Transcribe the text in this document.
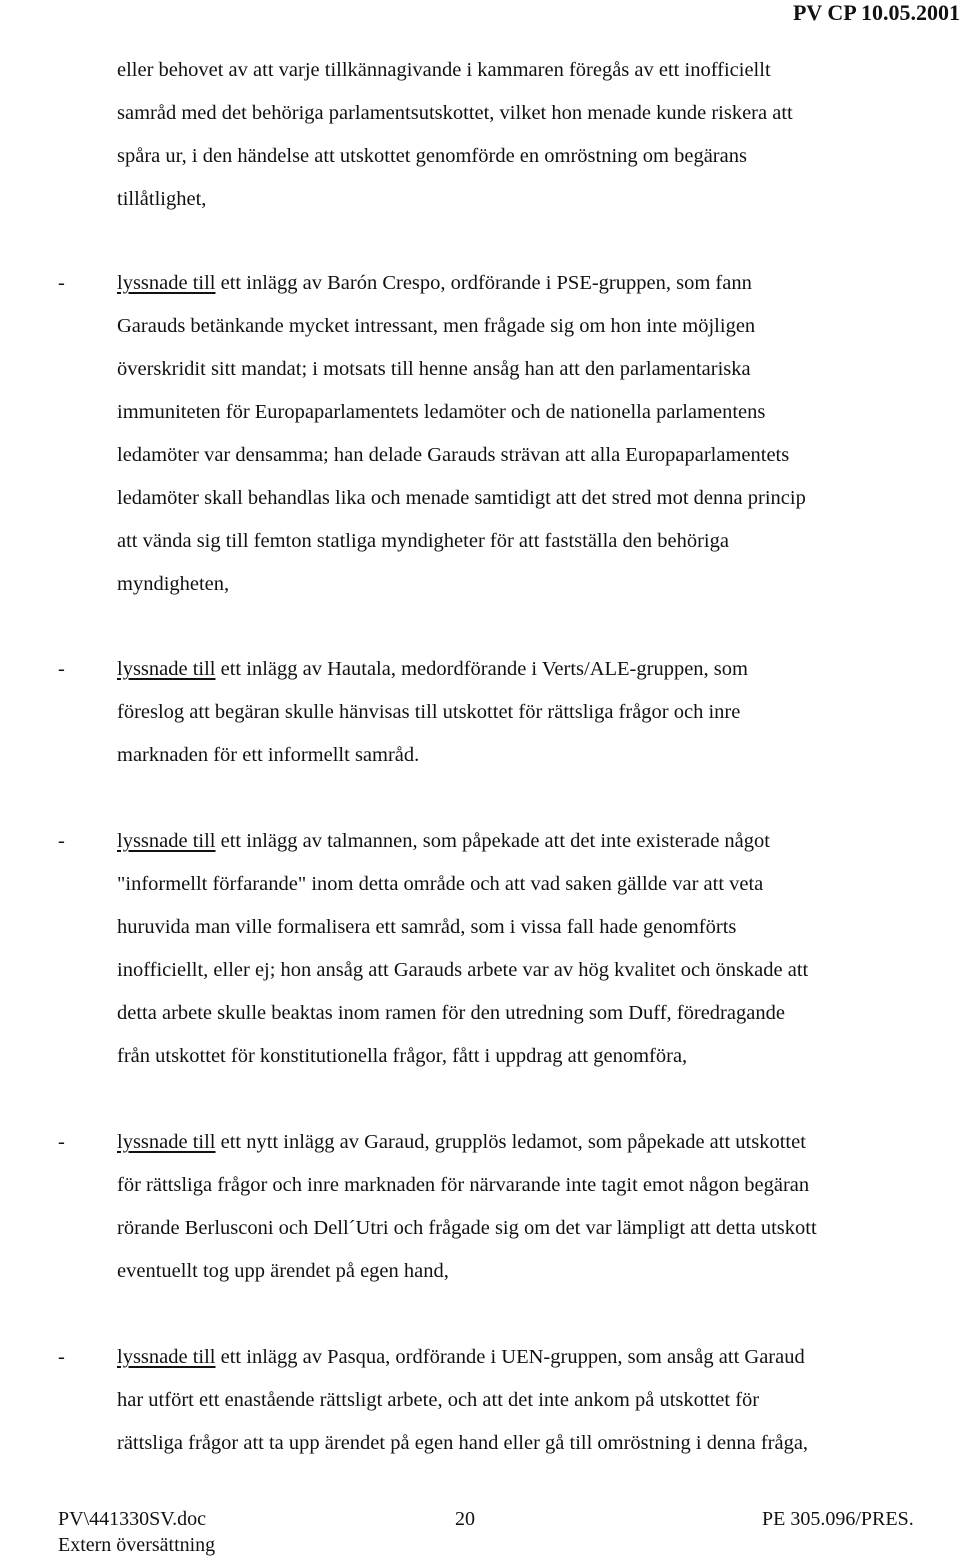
PV CP 10.05.2001
eller behovet av att varje tillkännagivande i kammaren föregås av ett inofficiellt
samråd med det behöriga parlamentsutskottet, vilket hon menade kunde riskera att
spåra ur, i den händelse att utskottet genomförde en omröstning om begärans
tillåtlighet,
-	lyssnade till ett inlägg av Barón Crespo, ordförande i PSE-gruppen, som fann
Garauds betänkande mycket intressant, men frågade sig om hon inte möjligen
överskridit sitt mandat; i motsats till henne ansåg han att den parlamentariska
immuniteten för Europaparlamentets ledamöter och de nationella parlamentens
ledamöter var densamma; han delade Garauds strävan att alla Europaparlamentets
ledamöter skall behandlas lika och menade samtidigt att det stred mot denna princip
att vända sig till femton statliga myndigheter för att fastställa den behöriga
myndigheten,
-	lyssnade till ett inlägg av Hautala, medordförande i Verts/ALE-gruppen, som
föreslog att begäran skulle hänvisas till utskottet för rättsliga frågor och inre
marknaden för ett informellt samråd.
-	lyssnade till ett inlägg av talmannen, som påpekade att det inte existerade något
"informellt förfarande" inom detta område och att vad saken gällde var att veta
huruvida man ville formalisera ett samråd, som i vissa fall hade genomförts
inofficiellt, eller ej; hon ansåg att Garauds arbete var av hög kvalitet och önskade att
detta arbete skulle beaktas inom ramen för den utredning som Duff, föredragande
från utskottet för konstitutionella frågor, fått i uppdrag att genomföra,
-	lyssnade till ett nytt inlägg av Garaud, grupplös ledamot, som påpekade att utskottet
för rättsliga frågor och inre marknaden för närvarande inte tagit emot någon begäran
rörande Berlusconi och Dell´Utri och frågade sig om det var lämpligt att detta utskott
eventuellt tog upp ärendet på egen hand,
-	lyssnade till ett inlägg av Pasqua, ordförande i UEN-gruppen, som ansåg att Garaud
har utfört ett enastående rättsligt arbete, och att det inte ankom på utskottet för
rättsliga frågor att ta upp ärendet på egen hand eller gå till omröstning i denna fråga,
PV\441330SV.doc	20	PE 305.096/PRES.
Extern översättning
